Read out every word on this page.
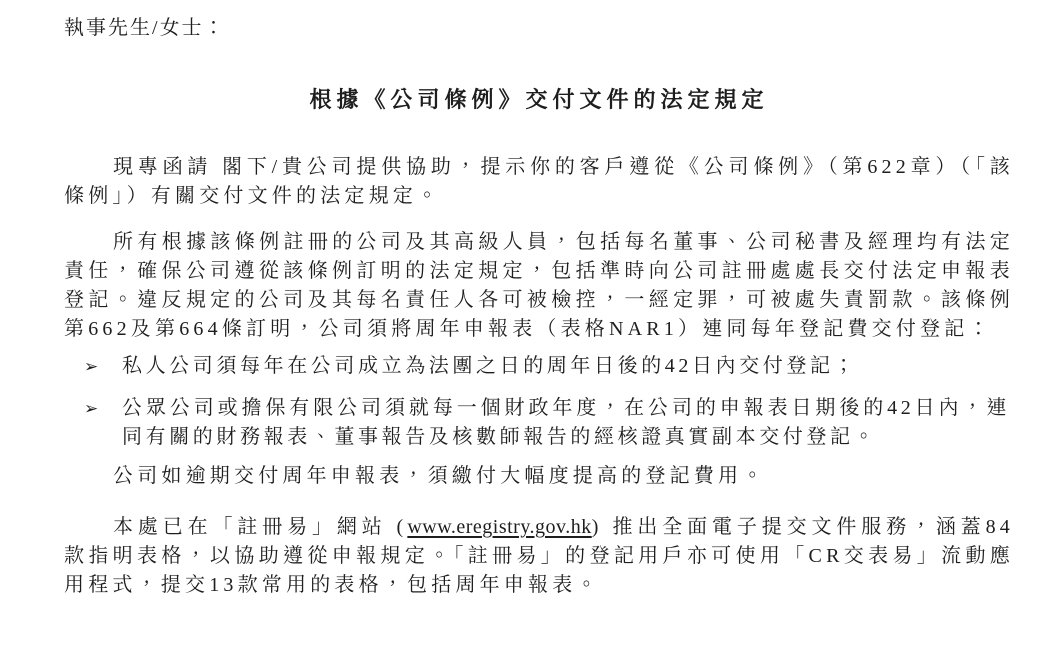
執事先生/女士：

根據《公司條例》交付文件的法定規定

現專函請 閣下/貴公司提供協助，提示你的客戶遵從《公司條例》（第622章）（「該條例」）有關交付文件的法定規定。

所有根據該條例註冊的公司及其高級人員，包括每名董事、公司秘書及經理均有法定責任，確保公司遵從該條例訂明的法定規定，包括準時向公司註冊處處長交付法定申報表登記。違反規定的公司及其每名責任人各可被檢控，一經定罪，可被處失責罰款。該條例第662及第664條訂明，公司須將周年申報表（表格NAR1）連同每年登記費交付登記：

➢	私人公司須每年在公司成立為法團之日的周年日後的42日內交付登記；
➢	公眾公司或擔保有限公司須就每一個財政年度，在公司的申報表日期後的42日內，連同有關的財務報表、董事報告及核數師報告的經核證真實副本交付登記。

公司如逾期交付周年申報表，須繳付大幅度提高的登記費用。

本處已在「註冊易」網站 (www.eregistry.gov.hk) 推出全面電子提交文件服務，涵蓋84款指明表格，以協助遵從申報規定。「註冊易」的登記用戶亦可使用「CR交表易」流動應用程式，提交13款常用的表格，包括周年申報表。
